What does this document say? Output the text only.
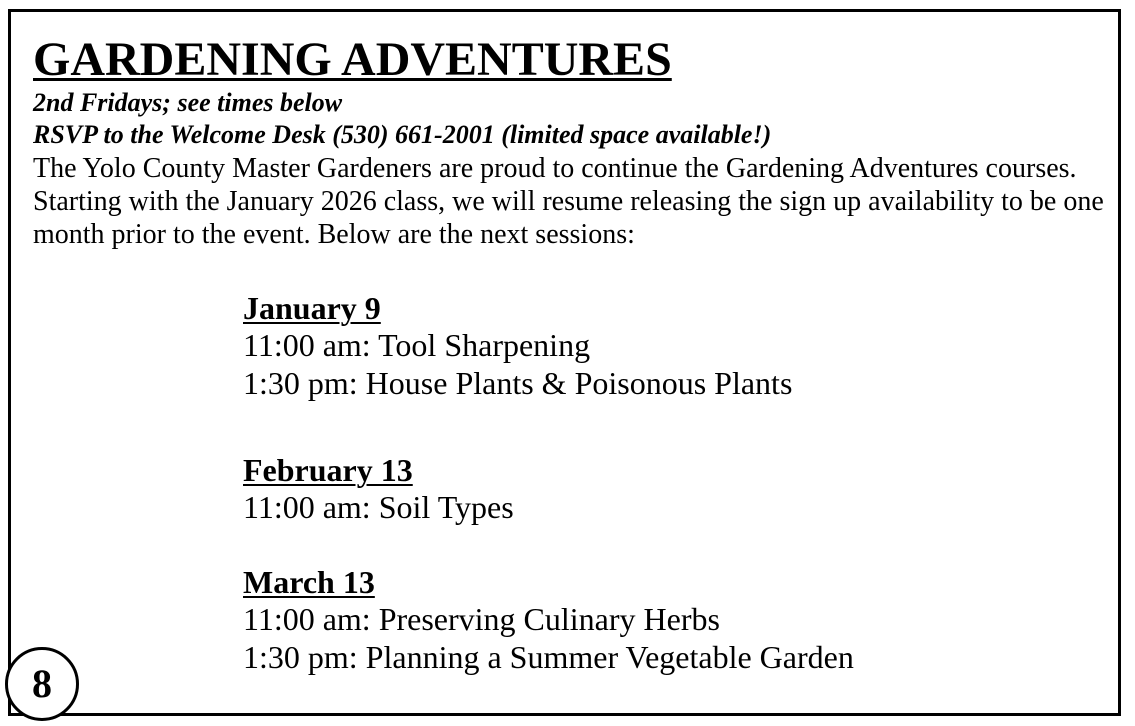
GARDENING ADVENTURES
2nd Fridays; see times below
RSVP to the Welcome Desk (530) 661-2001 (limited space available!)

The Yolo County Master Gardeners are proud to continue the Gardening Adventures courses. Starting with the January 2026 class, we will resume releasing the sign up availability to be one month prior to the event. Below are the next sessions:

January 9
11:00 am: Tool Sharpening
1:30 pm: House Plants & Poisonous Plants
February 13
11:00 am: Soil Types
March 13
11:00 am: Preserving Culinary Herbs
1:30 pm: Planning a Summer Vegetable Garden
8
